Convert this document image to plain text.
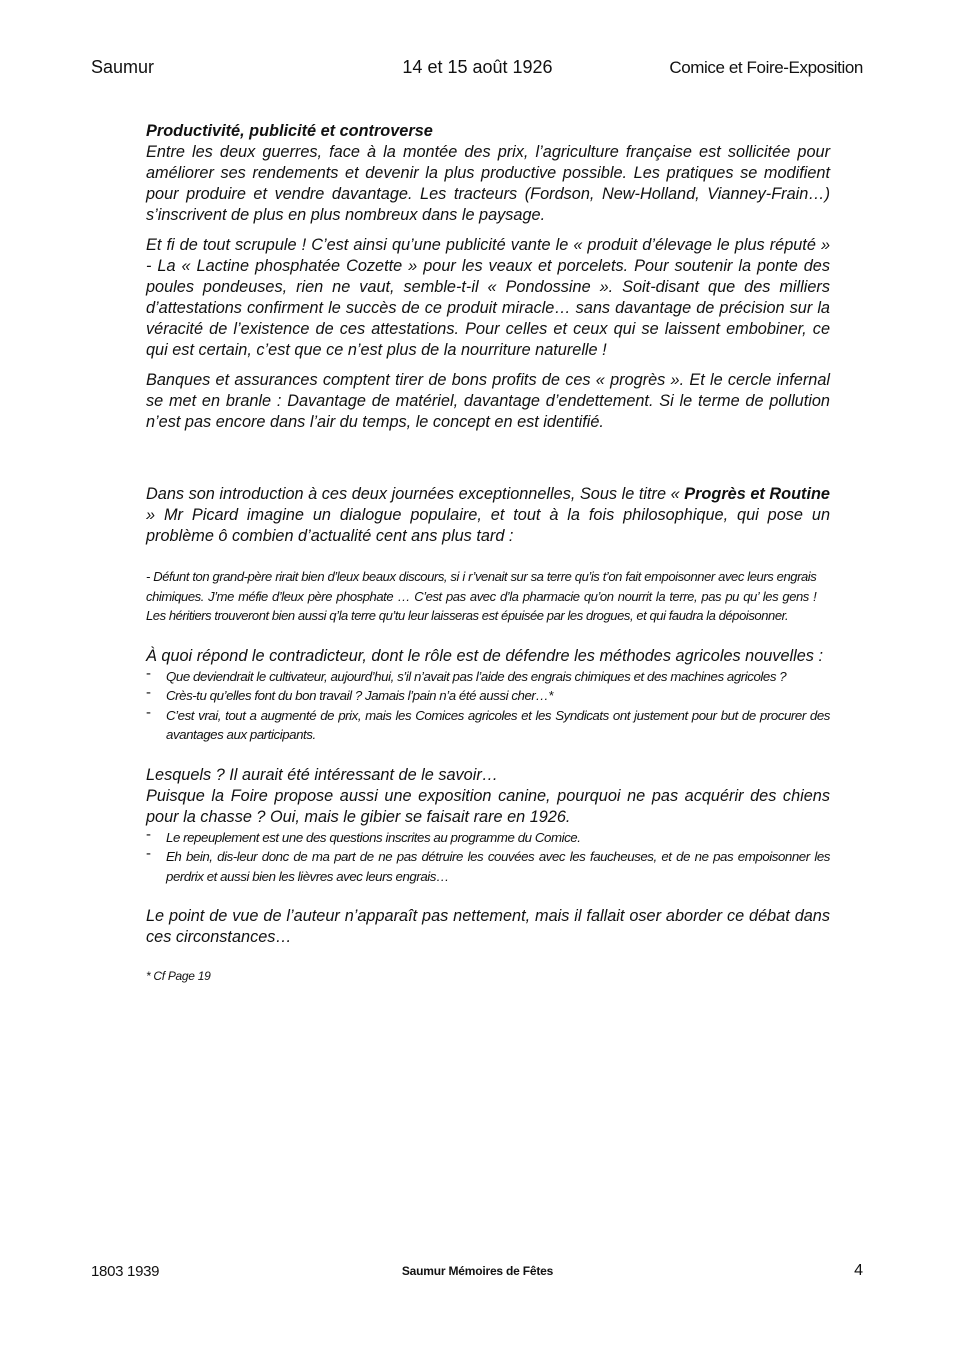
Saumur	14 et 15 août 1926	Comice et Foire-Exposition

Productivité, publicité et controverse

Entre les deux guerres, face à la montée des prix, l’agriculture française est sollicitée pour améliorer ses rendements et devenir la plus productive possible. Les pratiques se modifient pour produire et vendre davantage. Les tracteurs (Fordson, New-Holland, Vianney-Frain…) s’inscrivent de plus en plus nombreux dans le paysage.

Et fi de tout scrupule ! C’est ainsi qu’une publicité vante le « produit d’élevage le plus réputé » - La « Lactine phosphatée Cozette » pour les veaux et porcelets. Pour soutenir la ponte des poules pondeuses, rien ne vaut, semble-t-il « Pondossine ». Soit-disant que des milliers d’attestations confirment le succès de ce produit miracle… sans davantage de précision sur la véracité de l’existence de ces attestations. Pour celles et ceux qui se laissent embobiner, ce qui est certain, c’est que ce n’est plus de la nourriture naturelle !

Banques et assurances comptent tirer de bons profits de ces « progrès ». Et le cercle infernal se met en branle : Davantage de matériel, davantage d’endettement. Si le terme de pollution n’est pas encore dans l’air du temps, le concept en est identifié.

Dans son introduction à ces deux journées exceptionnelles, Sous le titre « Progrès et Routine » Mr Picard imagine un dialogue populaire, et tout à la fois philosophique, qui pose un problème ô combien d’actualité cent ans plus tard :

- Défunt ton grand-père rirait bien d’leux beaux discours, si i r’venait sur sa terre qu’is t’on fait empoisonner avec leurs engrais chimiques. J’me méfie d’leux père phosphate … C’est pas avec d’la pharmacie qu’on nourrit la terre, pas pu qu’ les gens ! Les héritiers trouveront bien aussi q’la terre qu’tu leur laisseras est épuisée par les drogues, et qui faudra la dépoisonner.

À quoi répond le contradicteur, dont le rôle est de défendre les méthodes agricoles nouvelles :

- Que deviendrait le cultivateur, aujourd’hui, s’il n’avait pas l’aide des engrais chimiques et des machines agricoles ?
- Crès-tu qu’elles font du bon travail ? Jamais l’pain n’a été aussi cher…*
- C’est vrai, tout a augmenté de prix, mais les Comices agricoles et les Syndicats ont justement pour but de procurer des avantages aux participants.

Lesquels ? Il aurait été intéressant de le savoir…

Puisque la Foire propose aussi une exposition canine, pourquoi ne pas acquérir des chiens pour la chasse ? Oui, mais le gibier se faisait rare en 1926.

- Le repeuplement est une des questions inscrites au programme du Comice.
- Eh bein, dis-leur donc de ma part de ne pas détruire les couvées avec les faucheuses, et de ne pas empoisonner les perdrix et aussi bien les lièvres avec leurs engrais…

Le point de vue de l’auteur n’apparaît pas nettement, mais il fallait oser aborder ce débat dans ces circonstances…

* Cf Page 19

1803 1939	Saumur Mémoires de Fêtes	4
